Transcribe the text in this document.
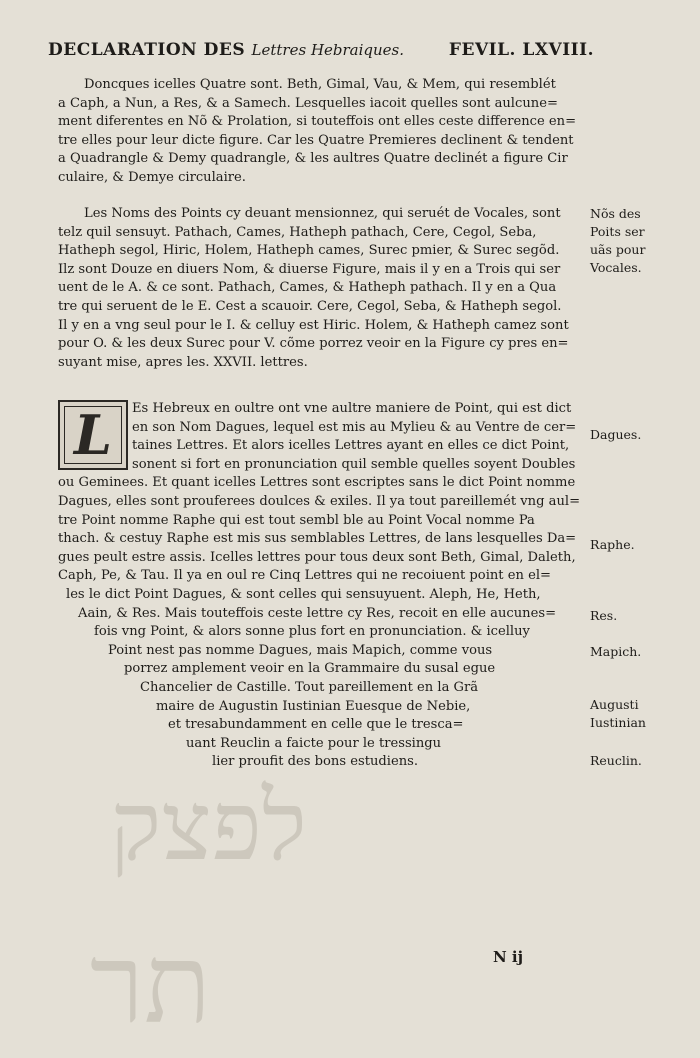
לפצק
תר
DECLARATION DES Lettres Hebraiques.	FEVIL. LXVIII.
Doncques icelles Quatre sont. Beth, Gimal, Vau, & Mem, qui resemblét
a Caph, a Nun, a Res, & a Samech. Lesquelles iacoit quelles sont aulcune=
ment diferentes en Nõ & Prolation, si touteffois ont elles ceste difference en=
tre elles pour leur dicte figure. Car les Quatre Premieres declinent & tendent
a Quadrangle & Demy quadrangle, & les aultres Quatre declinét a figure Cir
culaire, & Demye circulaire.
Les Noms des Points cy deuant mensionnez, qui seruét de Vocales, sont
telz quil sensuyt. Pathach, Cames, Hatheph pathach, Cere, Cegol, Seba,
Hatheph segol, Hiric, Holem, Hatheph cames, Surec pmier, & Surec segõd.
Ilz sont Douze en diuers Nom, & diuerse Figure, mais il y en a Trois qui ser
uent de le A. & ce sont. Pathach, Cames, & Hatheph pathach. Il y en a Qua
tre qui seruent de le E. Cest a scauoir. Cere, Cegol, Seba, & Hatheph segol.
Il y en a vng seul pour le I. & celluy est Hiric. Holem, & Hatheph camez sont
pour O. & les deux Surec pour V. cõme porrez veoir en la Figure cy pres en=
suyant mise, apres les. XXVII. lettres.
L	Es Hebreux en oultre ont vne aultre maniere de Point, qui est dict
en son Nom Dagues, lequel est mis au Mylieu & au Ventre de cer=
taines Lettres. Et alors icelles Lettres ayant en elles ce dict Point,
sonent si fort en pronunciation quil semble quelles soyent Doubles
ou Geminees. Et quant icelles Lettres sont escriptes sans le dict Point nomme
Dagues, elles sont prouferees doulces & exiles. Il ya tout pareillemét vng aul=
tre Point nomme Raphe qui est tout sembl ble au Point Vocal nomme Pa
thach. & cestuy Raphe est mis sus semblables Lettres, de lans lesquelles Da=
gues peult estre assis. Icelles lettres pour tous deux sont Beth, Gimal, Daleth,
Caph, Pe, & Tau. Il ya en oul re Cinq Lettres qui ne recoiuent point en el=
les le dict Point Dagues, & sont celles qui sensuyuent. Aleph, He, Heth,
Aain, & Res. Mais touteffois ceste lettre cy Res, recoit en elle aucunes=
fois vng Point, & alors sonne plus fort en pronunciation. & icelluy
Point nest pas nomme Dagues, mais Mapich, comme vous
porrez amplement veoir en la Grammaire du susal egue
Chancelier de Castille. Tout pareillement en la Grã
maire de Augustin Iustinian Euesque de Nebie,
et tresabundamment en celle que le tresca=
uant Reuclin a faicte pour le tressingu
lier proufit des bons estudiens.
Nõs des
Poits ser
uãs pour
Vocales.
Dagues.
Raphe.
Res.
Mapich.
Augusti
Iustinian
Reuclin.
N ij
